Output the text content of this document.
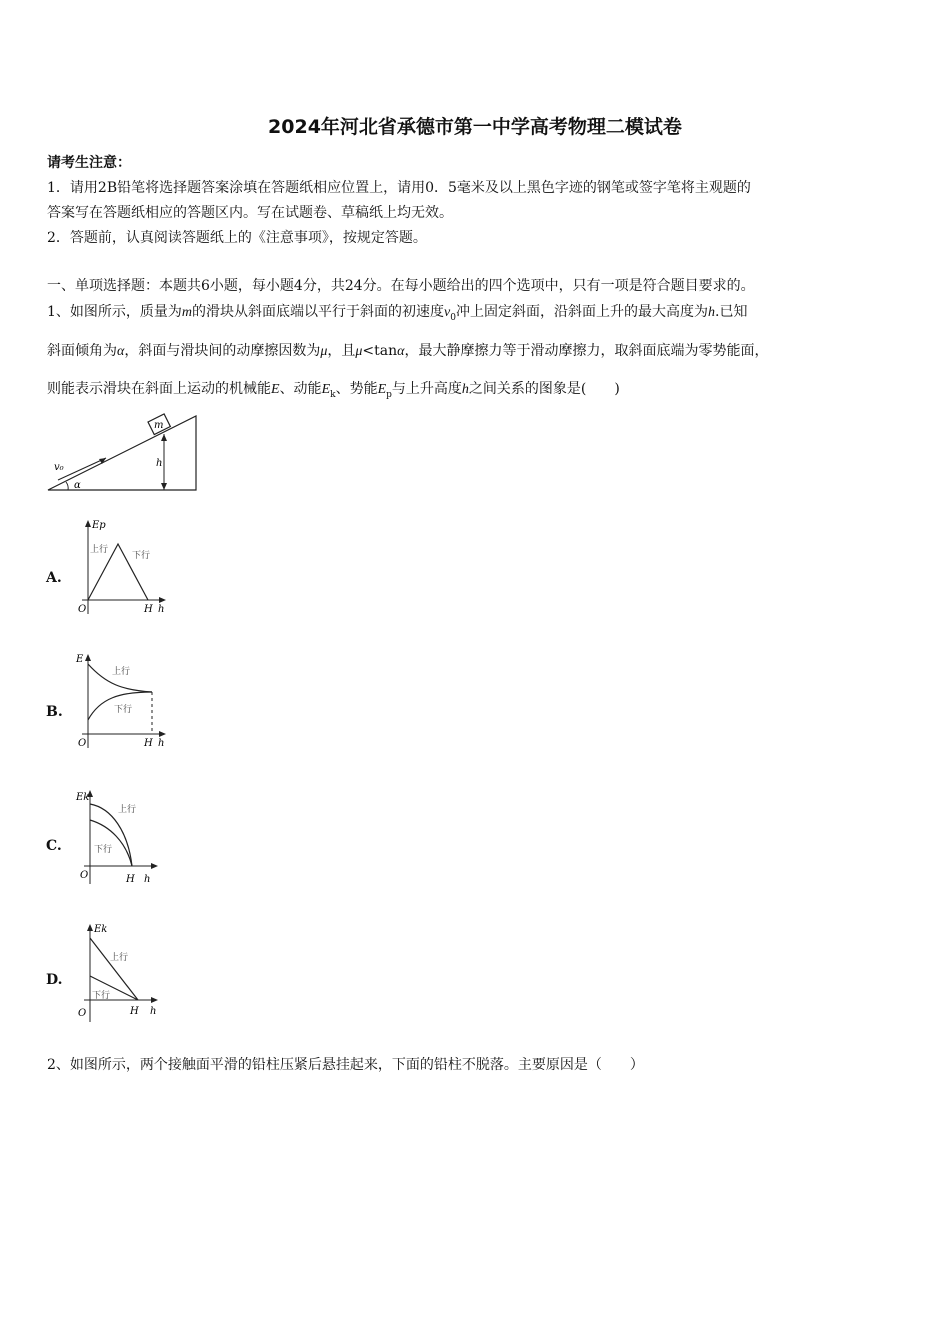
2024年河北省承德市第一中学高考物理二模试卷
请考生注意：
1．请用2B铅笔将选择题答案涂填在答题纸相应位置上，请用0．5毫米及以上黑色字迹的钢笔或签字笔将主观题的
答案写在答题纸相应的答题区内。写在试题卷、草稿纸上均无效。
2．答题前，认真阅读答题纸上的《注意事项》，按规定答题。
一、单项选择题：本题共6小题，每小题4分，共24分。在每小题给出的四个选项中，只有一项是符合题目要求的。
1、如图所示，质量为m的滑块从斜面底端以平行于斜面的初速度$v_0$冲上固定斜面，沿斜面上升的最大高度为h.已知
斜面倾角为α，斜面与滑块间的动摩擦因数为μ，且μ<tanα，最大静摩擦力等于滑动摩擦力，取斜面底端为零势能面，
则能表示滑块在斜面上运动的机械能E、动能$E_k$、势能$E_p$与上升高度h之间关系的图象是(　　)
m
v₀	h
α
A.
Ep
上行
下行
O	H h
B.
E
上行
下行
O	H h
C.
Ek
上行
下行
O	H h
D.
Ek
上行
下行
O	H h
2、如图所示，两个接触面平滑的铅柱压紧后悬挂起来，下面的铅柱不脱落。主要原因是（　　）
